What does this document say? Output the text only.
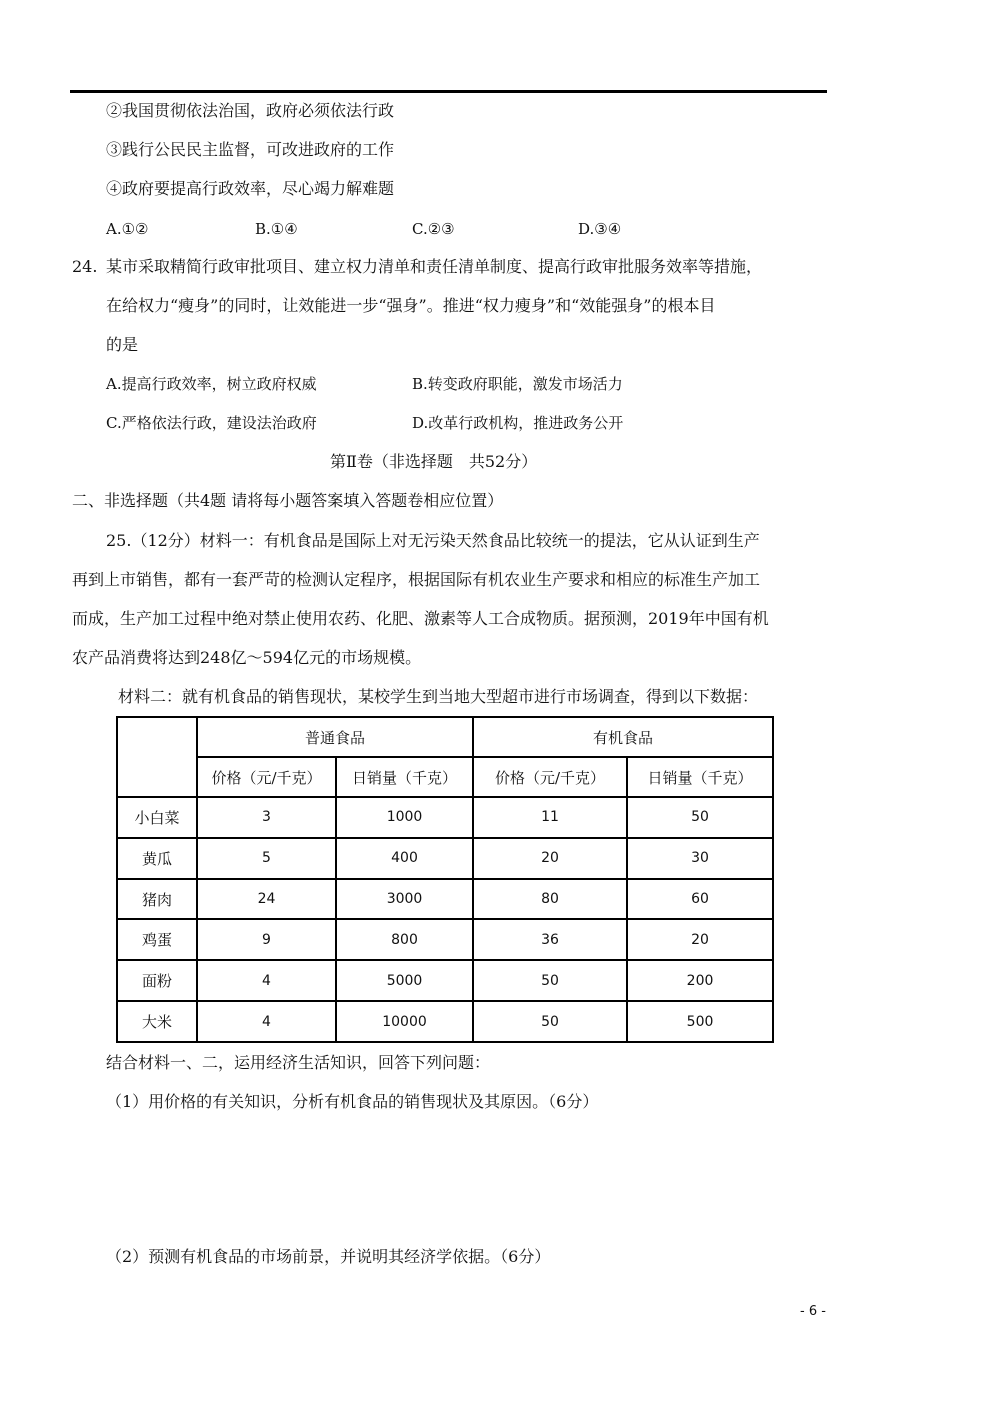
②我国贯彻依法治国，政府必须依法行政
③践行公民民主监督，可改进政府的工作
④政府要提高行政效率，尽心竭力解难题
A.①②	B.①④	C.②③	D.③④
24. 某市采取精简行政审批项目、建立权力清单和责任清单制度、提高行政审批服务效率等措施，
在给权力“瘦身”的同时，让效能进一步“强身”。推进“权力瘦身”和“效能强身”的根本目
的是
A.提高行政效率，树立政府权威	B.转变政府职能，激发市场活力
C.严格依法行政，建设法治政府	D.改革行政机构，推进政务公开
第Ⅱ卷（非选择题　共52分）
二、非选择题（共4题 请将每小题答案填入答题卷相应位置）
25.（12分）材料一：有机食品是国际上对无污染天然食品比较统一的提法，它从认证到生产
再到上市销售，都有一套严苛的检测认定程序，根据国际有机农业生产要求和相应的标准生产加工
而成，生产加工过程中绝对禁止使用农药、化肥、激素等人工合成物质。据预测，2019年中国有机
农产品消费将达到248亿～594亿元的市场规模。
材料二：就有机食品的销售现状，某校学生到当地大型超市进行市场调查，得到以下数据：
	普通食品		有机食品	
	价格（元/千克）	日销量（千克）	价格（元/千克）	日销量（千克）
小白菜	3	1000	11	50
黄瓜	5	400	20	30
猪肉	24	3000	80	60
鸡蛋	9	800	36	20
面粉	4	5000	50	200
大米	4	10000	50	500
结合材料一、二，运用经济生活知识，回答下列问题：
（1）用价格的有关知识，分析有机食品的销售现状及其原因。（6分）
（2）预测有机食品的市场前景，并说明其经济学依据。（6分）
- 6 -
